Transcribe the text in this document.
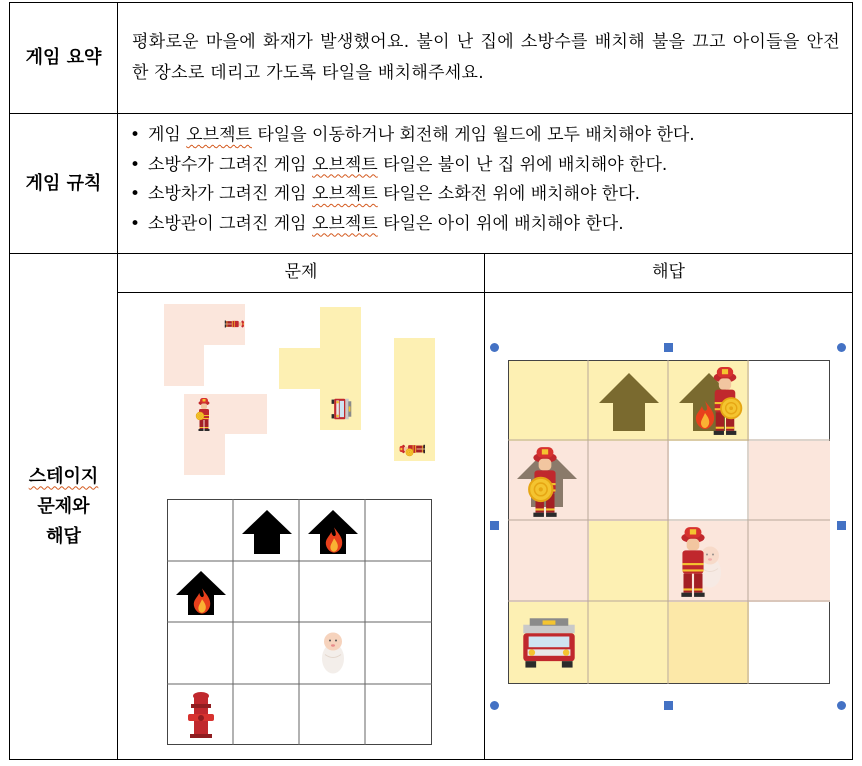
게임 요약
평화로운 마을에 화재가 발생했어요. 불이 난 집에 소방수를 배치해 불을 끄고 아이들을 안전한 장소로 데리고 가도록 타일을 배치해주세요.
게임 규칙
• 게임 오브젝트 타일을 이동하거나 회전해 게임 월드에 모두 배치해야 한다.
• 소방수가 그려진 게임 오브젝트 타일은 불이 난 집 위에 배치해야 한다.
• 소방차가 그려진 게임 오브젝트 타일은 소화전 위에 배치해야 한다.
• 소방관이 그려진 게임 오브젝트 타일은 아이 위에 배치해야 한다.
스테이지
문제와
해답
문제	해답
